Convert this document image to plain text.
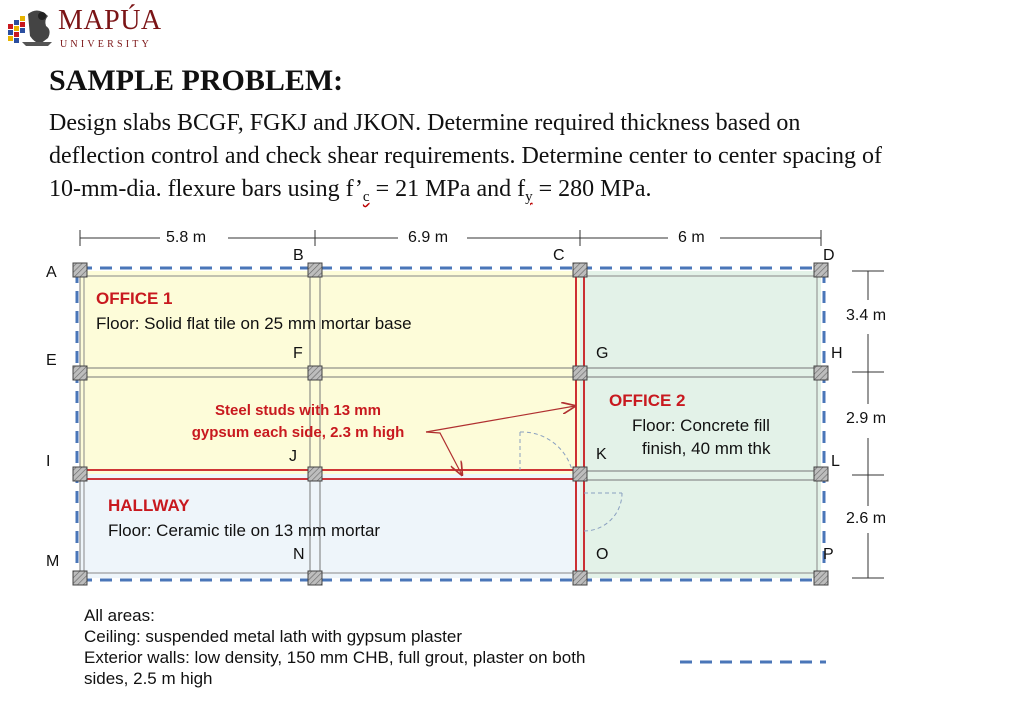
MAPÚA
UNIVERSITY
SAMPLE PROBLEM:
Design slabs BCGF, FGKJ and JKON. Determine required thickness based on
deflection control and check shear requirements. Determine center to center spacing of
10-mm-dia. flexure bars using $f’_c = 21$ MPa and $f_y = 280$ MPa.
5.8 m	6.9 m	6 m
3.4 m
2.9 m
2.6 m
A
B	C	D
E	F	G	H
I	J	K	L
M	N	O	P
OFFICE 1
Floor: Solid flat tile on 25 mm mortar base
OFFICE 2
Floor: Concrete fill
finish, 40 mm thk
HALLWAY
Floor: Ceramic tile on 13 mm mortar
Steel studs with 13 mm
gypsum each side, 2.3 m high
All areas:
Ceiling: suspended metal lath with gypsum plaster
Exterior walls: low density, 150 mm CHB, full grout, plaster on both
sides, 2.5 m high
